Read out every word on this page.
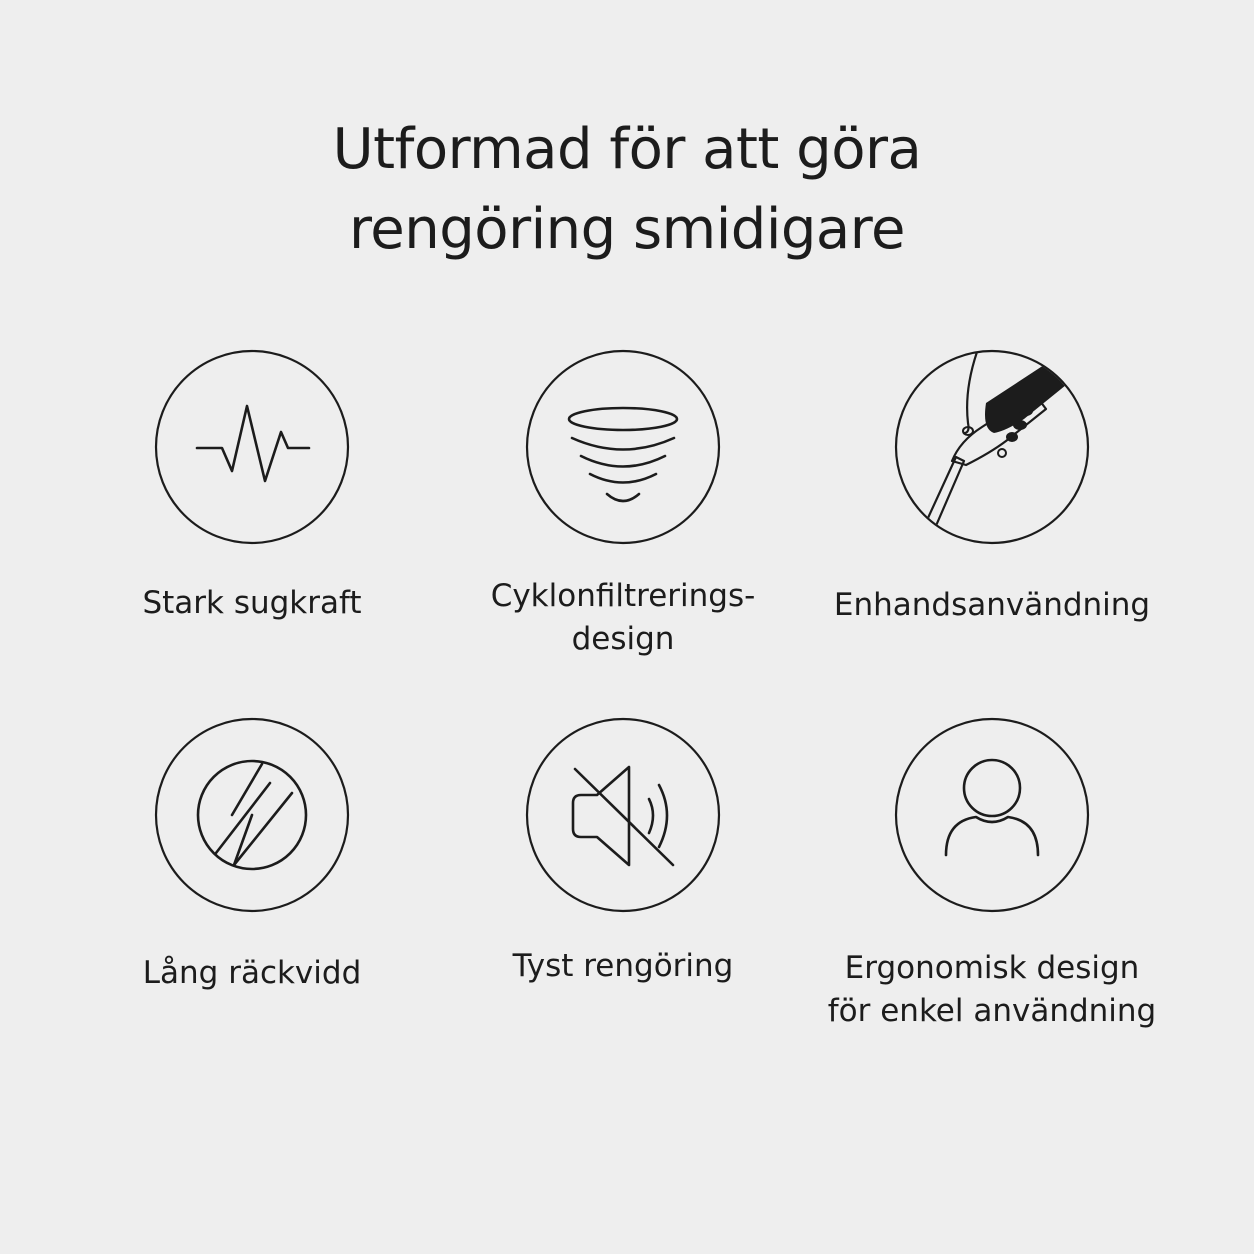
Utformad för att göra
rengöring smidigare
Stark sugkraft	Cyklonfiltrerings-
design
Enhandsanvändning
Lång räckvidd	Tyst rengöring	Ergonomisk design
för enkel användning
